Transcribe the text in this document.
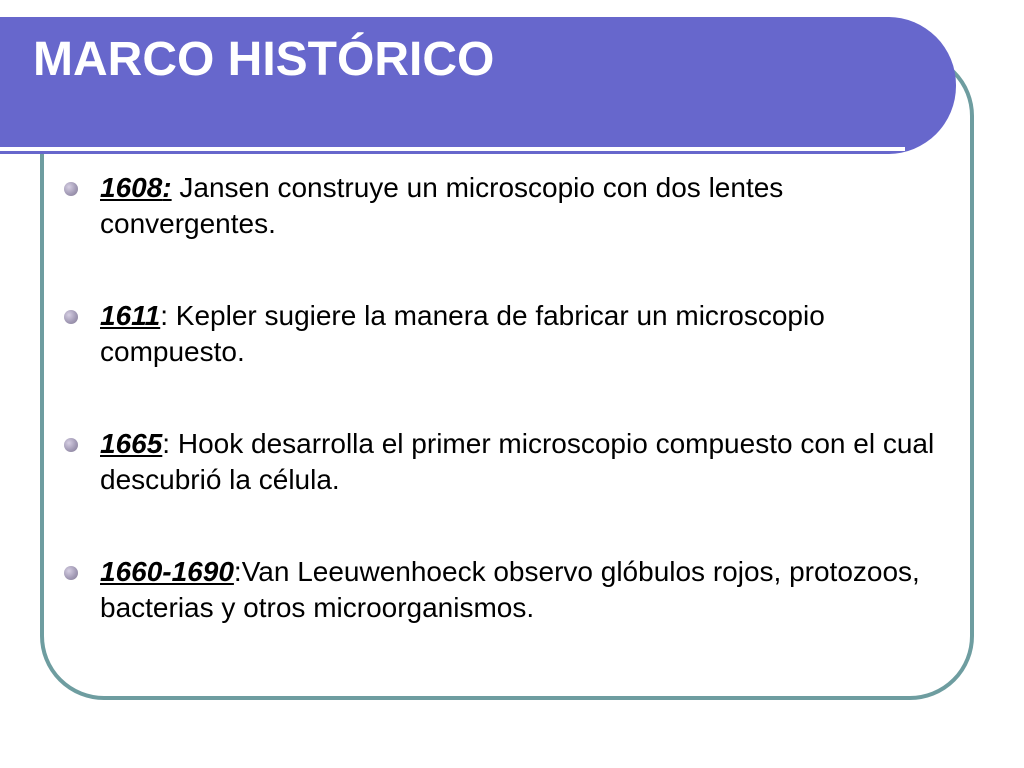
MARCO HISTÓRICO
1608: Jansen construye un microscopio con dos lentes convergentes.
1611: Kepler sugiere la manera de fabricar un microscopio compuesto.
1665: Hook desarrolla el primer microscopio compuesto con el cual descubrió la célula.
1660-1690:Van Leeuwenhoeck observo glóbulos rojos, protozoos, bacterias y otros microorganismos.
